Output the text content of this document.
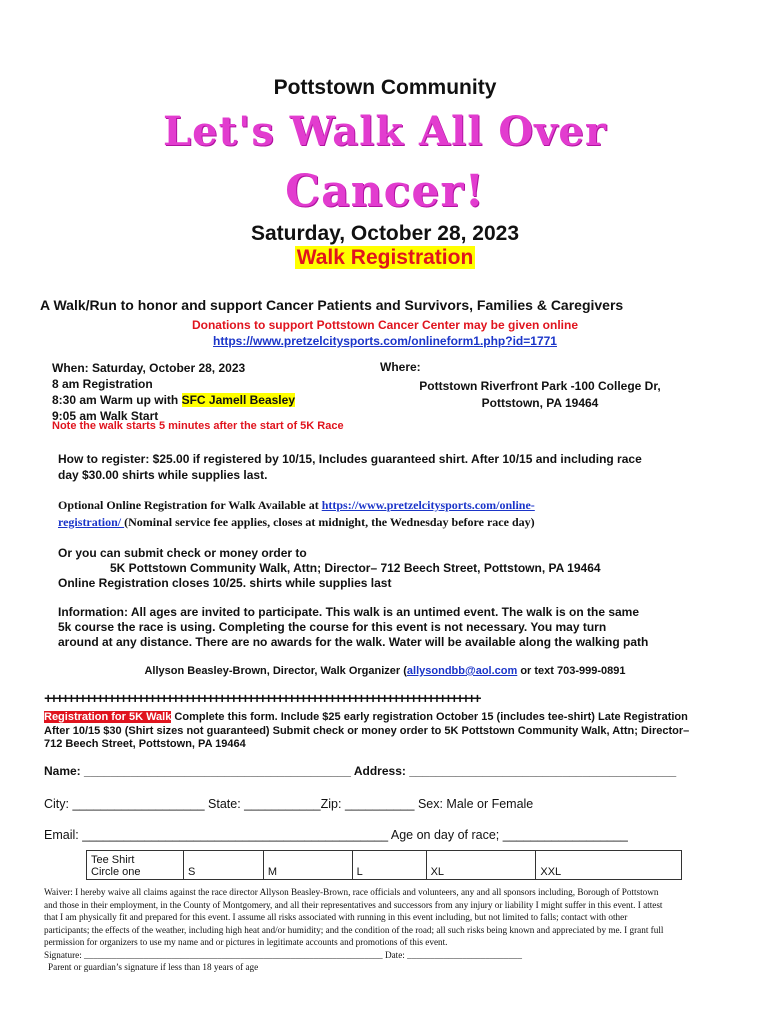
Pottstown Community
Let's Walk All Over
Cancer!
Saturday, October 28, 2023
Walk Registration
A Walk/Run to honor and support Cancer Patients and Survivors, Families & Caregivers
Donations to support Pottstown Cancer Center may be given online
https://www.pretzelcitysports.com/onlineform1.php?id=1771
When: Saturday, October 28, 2023
8 am Registration
8:30 am Warm up with SFC Jamell Beasley
9:05 am Walk Start
Note the walk starts 5 minutes after the start of 5K Race
Where:
Pottstown Riverfront Park -100 College Dr,
Pottstown, PA 19464
How to register: $25.00 if registered by 10/15, Includes guaranteed shirt. After 10/15 and including race
day $30.00 shirts while supplies last.
Optional Online Registration for Walk Available at https://www.pretzelcitysports.com/online-
registration/ (Nominal service fee applies, closes at midnight, the Wednesday before race day)
Or you can submit check or money order to
5K Pottstown Community Walk, Attn; Director– 712 Beech Street, Pottstown, PA 19464
Online Registration closes 10/25. shirts while supplies last
Information: All ages are invited to participate. This walk is an untimed event. The walk is on the same
5k course the race is using. Completing the course for this event is not necessary. You may turn
around at any distance. There are no awards for the walk. Water will be available along the walking path
Allyson Beasley-Brown, Director, Walk Organizer (allysondbb@aol.com or text 703-999-0891
+++++++++++++++++++++++++++++++++++++++++++++++++++++++++++++++++++++++++++
Registration for 5K Walk Complete this form. Include $25 early registration October 15 (includes tee-shirt) Late Registration
After 10/15 $30 (Shirt sizes not guaranteed) Submit check or money order to 5K Pottstown Community Walk, Attn; Director–
712 Beech Street, Pottstown, PA 19464
Name: ________________________________________ Address: ________________________________________
City: ___________________ State: ___________Zip: __________ Sex: Male or Female
Email: ____________________________________________ Age on day of race; __________________
Tee Shirt
Circle one	S	M	L	XL	XXL
Waiver: I hereby waive all claims against the race director Allyson Beasley-Brown, race officials and volunteers, any and all sponsors including, Borough of Pottstown
and those in their employment, in the County of Montgomery, and all their representatives and successors from any injury or liability I might suffer in this event. I attest
that I am physically fit and prepared for this event. I assume all risks associated with running in this event including, but not limited to falls; contact with other
participants; the effects of the weather, including high heat and/or humidity; and the condition of the road; all such risks being known and appreciated by me. I grant full
permission for organizers to use my name and or pictures in legitimate accounts and promotions of this event.
Signature: _________________________________________________________________ Date: _________________________
Parent or guardian’s signature if less than 18 years of age
